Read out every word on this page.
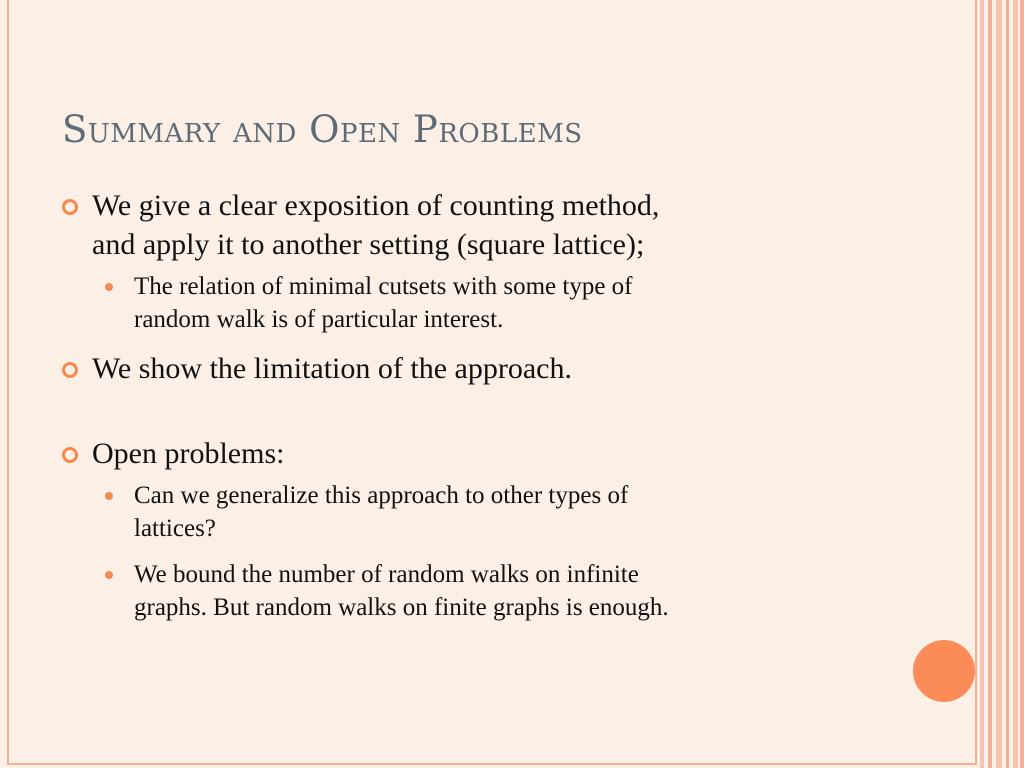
Summary and Open Problems
We give a clear exposition of counting method,
and apply it to another setting (square lattice);
The relation of minimal cutsets with some type of
random walk is of particular interest.
We show the limitation of the approach.
Open problems:
Can we generalize this approach to other types of
lattices?
We bound the number of random walks on infinite
graphs. But random walks on finite graphs is enough.
